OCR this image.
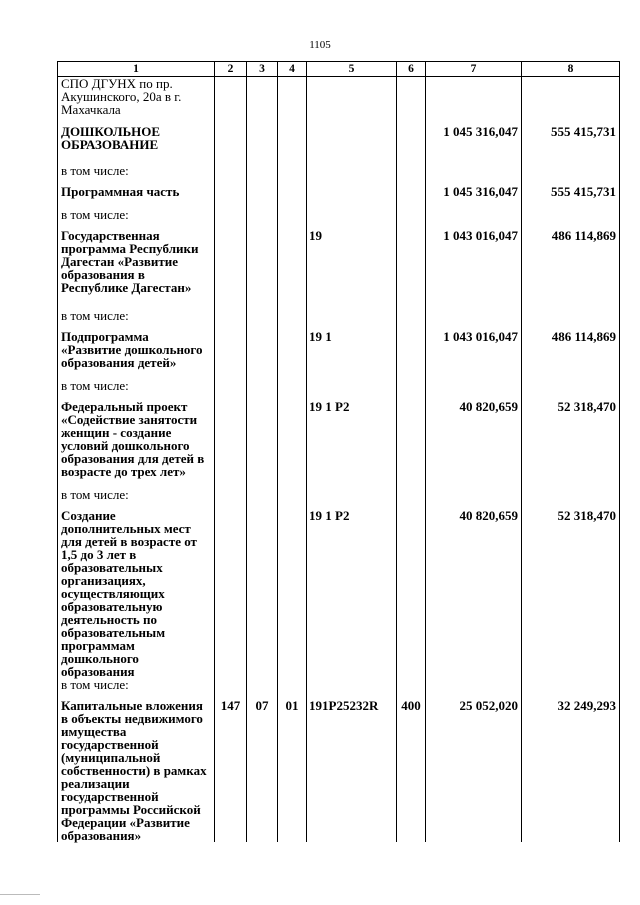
1105
1	2	3	4	5	6	7	8
СПО ДГУНХ по пр. Акушинского, 20а в г. Махачкала							
ДОШКОЛЬНОЕ ОБРАЗОВАНИЕ						1 045 316,047	555 415,731
в том числе:							
Программная часть						1 045 316,047	555 415,731
в том числе:							
Государственная программа Республики Дагестан «Развитие образования в Республике Дагестан»				19		1 043 016,047	486 114,869
в том числе:							
Подпрограмма «Развитие дошкольного образования детей»				19 1		1 043 016,047	486 114,869
в том числе:							
Федеральный проект «Содействие занятости женщин - создание условий дошкольного образования для детей в возрасте до трех лет»				19 1 Р2		40 820,659	52 318,470
в том числе:							
Создание дополнительных мест для детей в возрасте от 1,5 до 3 лет в образовательных организациях, осуществляющих образовательную деятельность по образовательным программам дошкольного образования				19 1 Р2		40 820,659	52 318,470
в том числе:							
Капитальные вложения в объекты недвижимого имущества государственной (муниципальной собственности) в рамках реализации государственной программы Российской Федерации «Развитие образования»	147	07	01	191Р25232R	400	25 052,020	32 249,293
